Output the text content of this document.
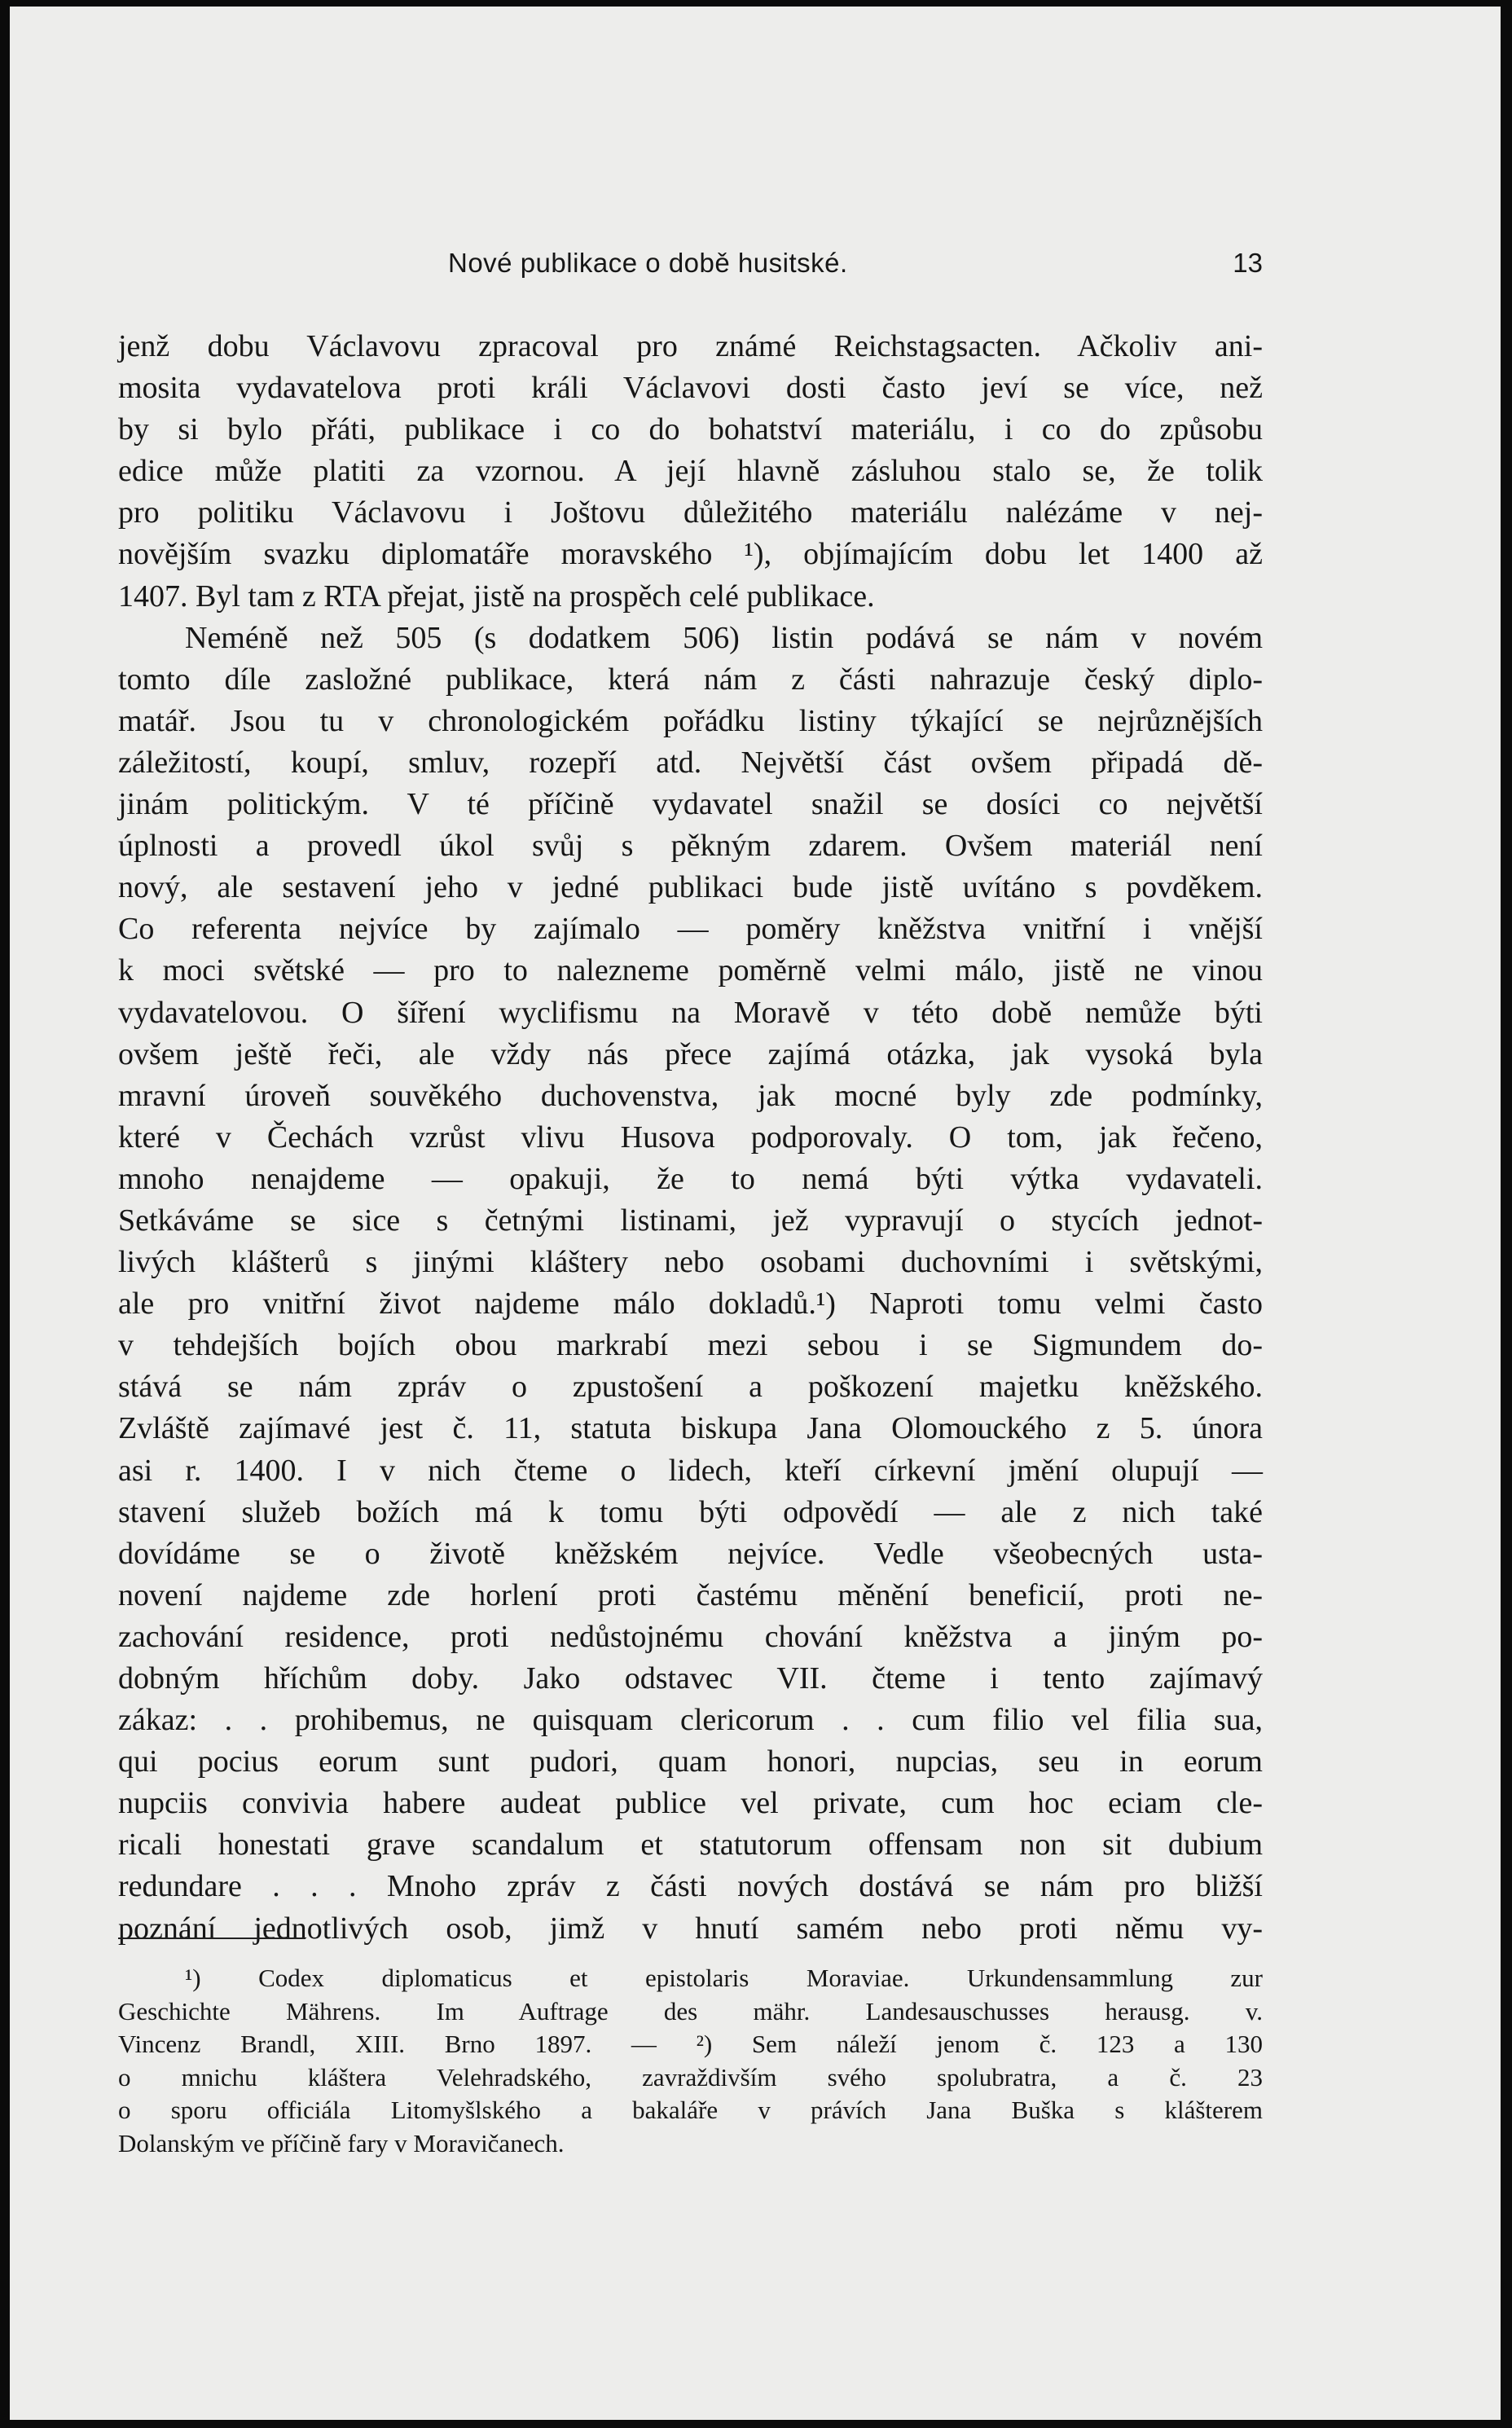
Nové publikace o době husitské.	13
jenž dobu Václavovu zpracoval pro známé Reichstagsacten. Ačkoliv ani-
mosita vydavatelova proti králi Václavovi dosti často jeví se více, než
by si bylo přáti, publikace i co do bohatství materiálu, i co do způsobu
edice může platiti za vzornou. A její hlavně zásluhou stalo se, že tolik
pro politiku Václavovu i Joštovu důležitého materiálu nalézáme v nej-
novějším svazku diplomatáře moravského ¹), objímajícím dobu let 1400 až
1407. Byl tam z RTA přejat, jistě na prospěch celé publikace.
Neméně než 505 (s dodatkem 506) listin podává se nám v novém
tomto díle zasložné publikace, která nám z části nahrazuje český diplo-
matář. Jsou tu v chronologickém pořádku listiny týkající se nejrůznějších
záležitostí, koupí, smluv, rozepří atd. Největší část ovšem připadá dě-
jinám politickým. V té příčině vydavatel snažil se dosíci co největší
úplnosti a provedl úkol svůj s pěkným zdarem. Ovšem materiál není
nový, ale sestavení jeho v jedné publikaci bude jistě uvítáno s povděkem.
Co referenta nejvíce by zajímalo — poměry kněžstva vnitřní i vnější
k moci světské — pro to nalezneme poměrně velmi málo, jistě ne vinou
vydavatelovou. O šíření wyclifismu na Moravě v této době nemůže býti
ovšem ještě řeči, ale vždy nás přece zajímá otázka, jak vysoká byla
mravní úroveň souvěkého duchovenstva, jak mocné byly zde podmínky,
které v Čechách vzrůst vlivu Husova podporovaly. O tom, jak řečeno,
mnoho nenajdeme — opakuji, že to nemá býti výtka vydavateli.
Setkáváme se sice s četnými listinami, jež vypravují o stycích jednot-
livých klášterů s jinými kláštery nebo osobami duchovními i světskými,
ale pro vnitřní život najdeme málo dokladů.¹) Naproti tomu velmi často
v tehdejších bojích obou markrabí mezi sebou i se Sigmundem do-
stává se nám zpráv o zpustošení a poškození majetku kněžského.
Zvláště zajímavé jest č. 11, statuta biskupa Jana Olomouckého z 5. února
asi r. 1400. I v nich čteme o lidech, kteří církevní jmění olupují —
stavení služeb božích má k tomu býti odpovědí — ale z nich také
dovídáme se o životě kněžském nejvíce. Vedle všeobecných usta-
novení najdeme zde horlení proti častému měnění beneficií, proti ne-
zachování residence, proti nedůstojnému chování kněžstva a jiným po-
dobným hříchům doby. Jako odstavec VII. čteme i tento zajímavý
zákaz: . . prohibemus, ne quisquam clericorum . . cum filio vel filia sua,
qui pocius eorum sunt pudori, quam honori, nupcias, seu in eorum
nupciis convivia habere audeat publice vel private, cum hoc eciam cle-
ricali honestati grave scandalum et statutorum offensam non sit dubium
redundare . . . Mnoho zpráv z části nových dostává se nám pro bližší
poznání jednotlivých osob, jimž v hnutí samém nebo proti němu vy-
¹) Codex diplomaticus et epistolaris Moraviae. Urkundensammlung zur
Geschichte Mährens. Im Auftrage des mähr. Landesauschusses herausg. v.
Vincenz Brandl, XIII. Brno 1897. — ²) Sem náleží jenom č. 123 a 130
o mnichu kláštera Velehradského, zavraždivším svého spolubratra, a č. 23
o sporu officiála Litomyšlského a bakaláře v právích Jana Buška s klášterem
Dolanským ve příčině fary v Moravičanech.
